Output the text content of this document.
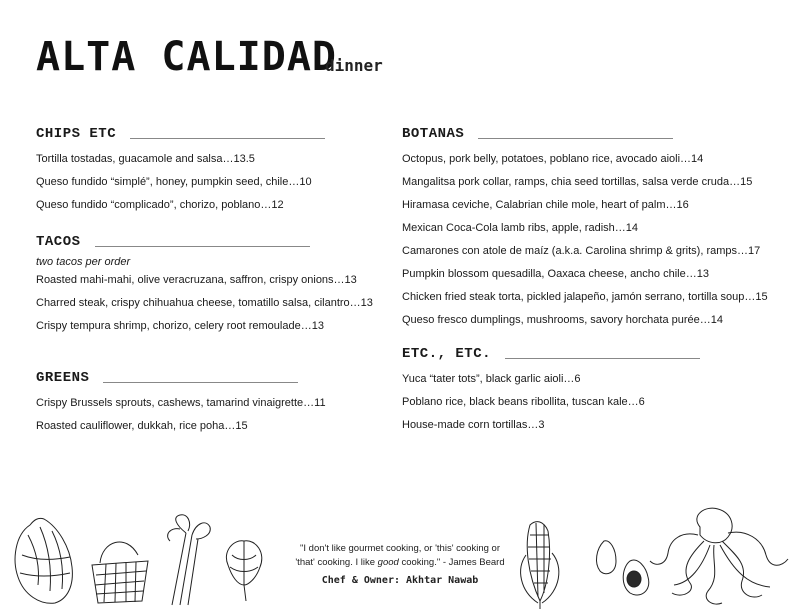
ALTA CALIDAD
dinner
CHIPS ETC
Tortilla tostadas, guacamole and salsa…13.5
Queso fundido “simplé”, honey, pumpkin seed, chile…10
Queso fundido “complicado”, chorizo, poblano…12
TACOS
two tacos per order
Roasted mahi-mahi, olive veracruzana, saffron, crispy onions…13
Charred steak, crispy chihuahua cheese, tomatillo salsa, cilantro…13
Crispy tempura shrimp, chorizo, celery root remoulade…13
GREENS
Crispy Brussels sprouts, cashews, tamarind vinaigrette…11
Roasted cauliflower, dukkah, rice poha…15
BOTANAS
Octopus, pork belly, potatoes, poblano rice, avocado aioli…14
Mangalitsa pork collar, ramps, chia seed tortillas, salsa verde cruda…15
Hiramasa ceviche, Calabrian chile mole, heart of palm…16
Mexican Coca-Cola lamb ribs, apple, radish…14
Camarones con atole de maíz (a.k.a. Carolina shrimp & grits), ramps…17
Pumpkin blossom quesadilla, Oaxaca cheese, ancho chile…13
Chicken fried steak torta, pickled jalapeño, jamón serrano, tortilla soup…15
Queso fresco dumplings, mushrooms, savory horchata purée…14
ETC., ETC.
Yuca “tater tots”, black garlic aioli…6
Poblano rice, black beans ribollita, tuscan kale…6
House-made corn tortillas…3
"I don't like gourmet cooking, or 'this' cooking or
'that' cooking. I like good cooking." - James Beard
Chef & Owner: Akhtar Nawab
